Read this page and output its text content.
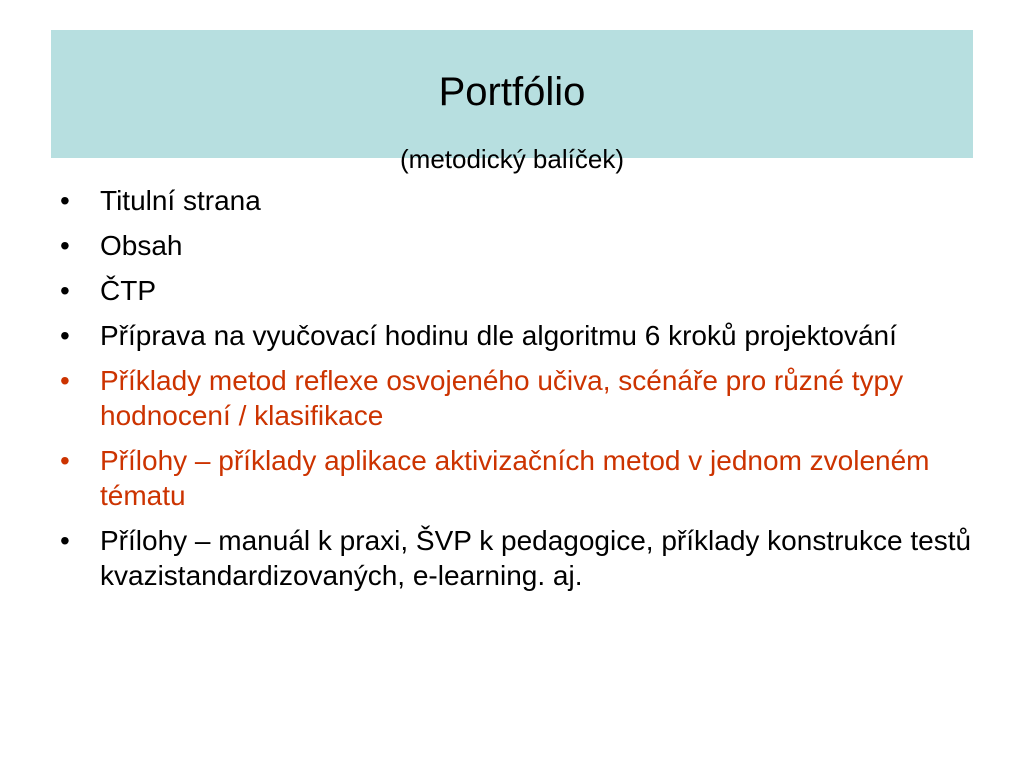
Portfólio
(metodický balíček)
•	Titulní strana
•	Obsah
•	ČTP
•	Příprava na vyučovací hodinu dle algoritmu 6 kroků projektování
•	Příklady metod reflexe osvojeného učiva, scénáře pro různé typy hodnocení / klasifikace
•	Přílohy – příklady aplikace aktivizačních metod v jednom zvoleném tématu
•	Přílohy – manuál k praxi, ŠVP k pedagogice, příklady konstrukce testů kvazistandardizovaných, e-learning. aj.
